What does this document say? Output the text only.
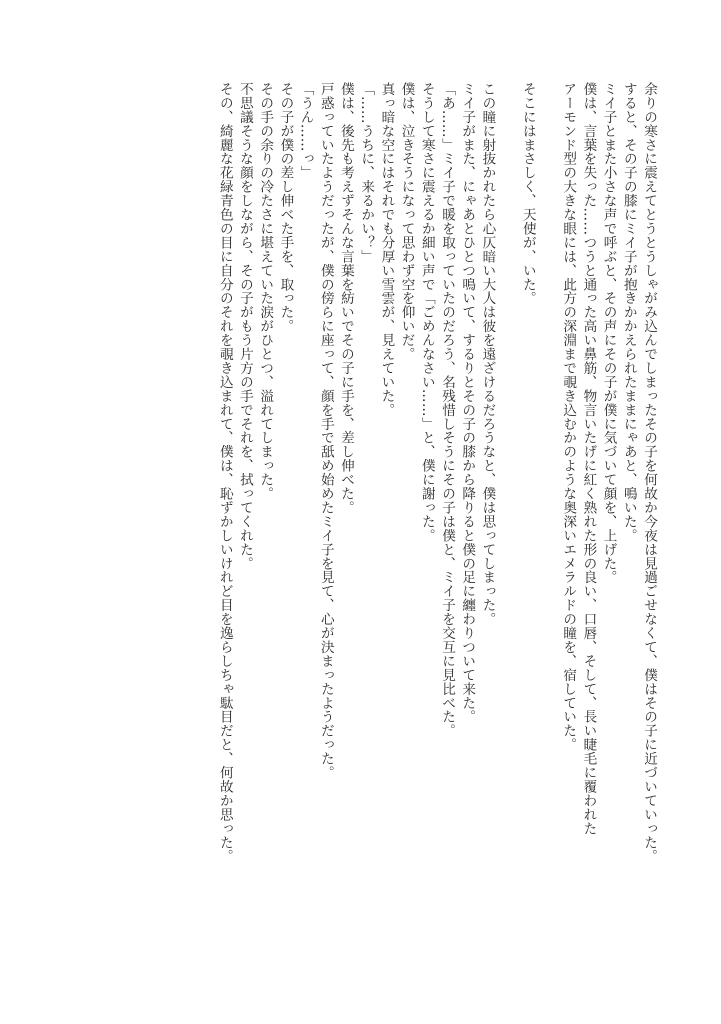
余りの寒さに震えてとうとうしゃがみ込んでしまったその子を何故か今夜は見過ごせなくて、僕はその子に近づいていった。
すると、その子の膝にミイ子が抱きかかえられたままにゃあと、鳴いた。
ミイ子とまた小さな声で呼ぶと、その声にその子が僕に気づいて顔を、上げた。
僕は、言葉を失った……つうと通った高い鼻筋、物言いたげに紅く熟れた形の良い、口唇、そして、長い睫毛に覆われた
アーモンド型の大きな眼には、此方の深淵まで覗き込むかのような奥深いエメラルドの瞳を、宿していた。
そこにはまさしく、天使が、いた。
この瞳に射抜かれたら心仄暗い大人は彼を遠ざけるだろうなと、僕は思ってしまった。
ミイ子がまた、にゃあとひとつ鳴いて、するりとその子の膝から降りると僕の足に纏わりついて来た。
「あ……」ミイ子で暖を取っていたのだろう、名残惜しそうにその子は僕と、ミイ子を交互に見比べた。
そうして寒さに震えるか細い声で「ごめんなさい……」と、僕に謝った。
僕は、泣きそうになって思わず空を仰いだ。
真っ暗な空にはそれでも分厚い雪雲が、見えていた。
「……うちに、来るかい？」
僕は、後先も考えずそんな言葉を紡いでその子に手を、差し伸べた。
戸惑っていたようだったが、僕の傍らに座って、顔を手で舐め始めたミイ子を見て、心が決まったようだった。
「うん……っ」
その子が僕の差し伸べた手を、取った。
その手の余りの冷たさに堪えていた涙がひとつ、溢れてしまった。
不思議そうな顔をしながら、その子がもう片方の手でそれを、拭ってくれた。
その、綺麗な花緑青色の目に自分のそれを覗き込まれて、僕は、恥ずかしいけれど目を逸らしちゃ駄目だと、何故か思った。
